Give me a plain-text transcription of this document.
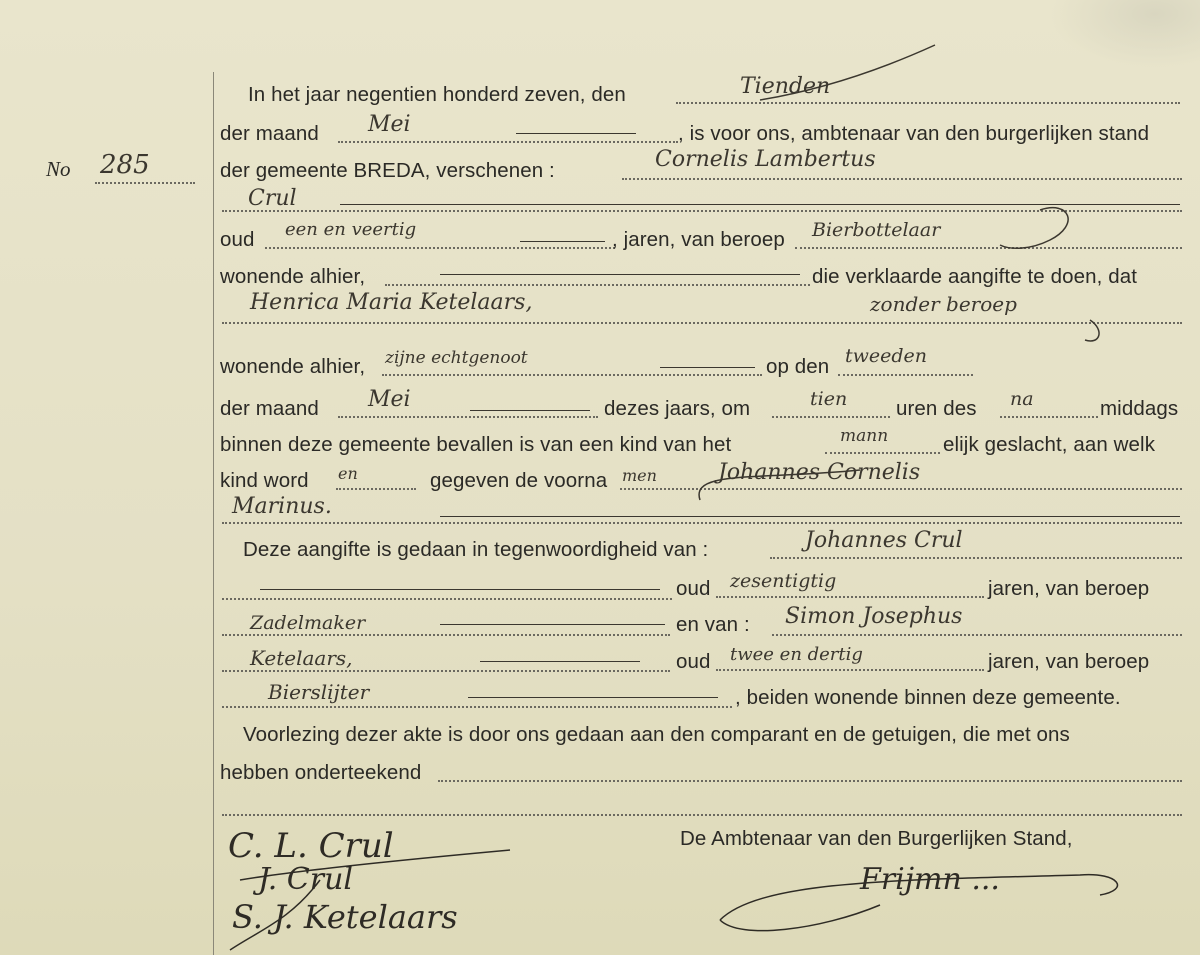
No 285
In het jaar negentien honderd zeven, den	Tienden
der maand Mei	, is voor ons, ambtenaar van den burgerlijken stand
der gemeente BREDA, verschenen :	Cornelis Lambertus
Crul
oud een en veertig	, jaren, van beroep Bierbottelaar
wonende alhier,	die verklaarde aangifte te doen, dat
Henrica Maria Ketelaars,	zonder beroep
wonende alhier, zijne echtgenoot	op den tweeden
der maand Mei	dezes jaars, om	tien uren des na	middags
binnen deze gemeente bevallen is van een kind van het	mann	elijk geslacht, aan welk
kind word en	gegeven de voorna men	Johannes Cornelis
Marinus.
Deze aangifte is gedaan in tegenwoordigheid van :	Johannes Crul
oud zesentigtig	jaren, van beroep
Zadelmaker	en van : Simon Josephus
Ketelaars,	oud twee en dertig	jaren, van beroep
Bierslijter	, beiden wonende binnen deze gemeente.
Voorlezing dezer akte is door ons gedaan aan den comparant en de getuigen, die met ons
hebben onderteekend
De Ambtenaar van den Burgerlijken Stand,
C. L. Crul
J. Crul
S. J. Ketelaars
Frijmn ...
